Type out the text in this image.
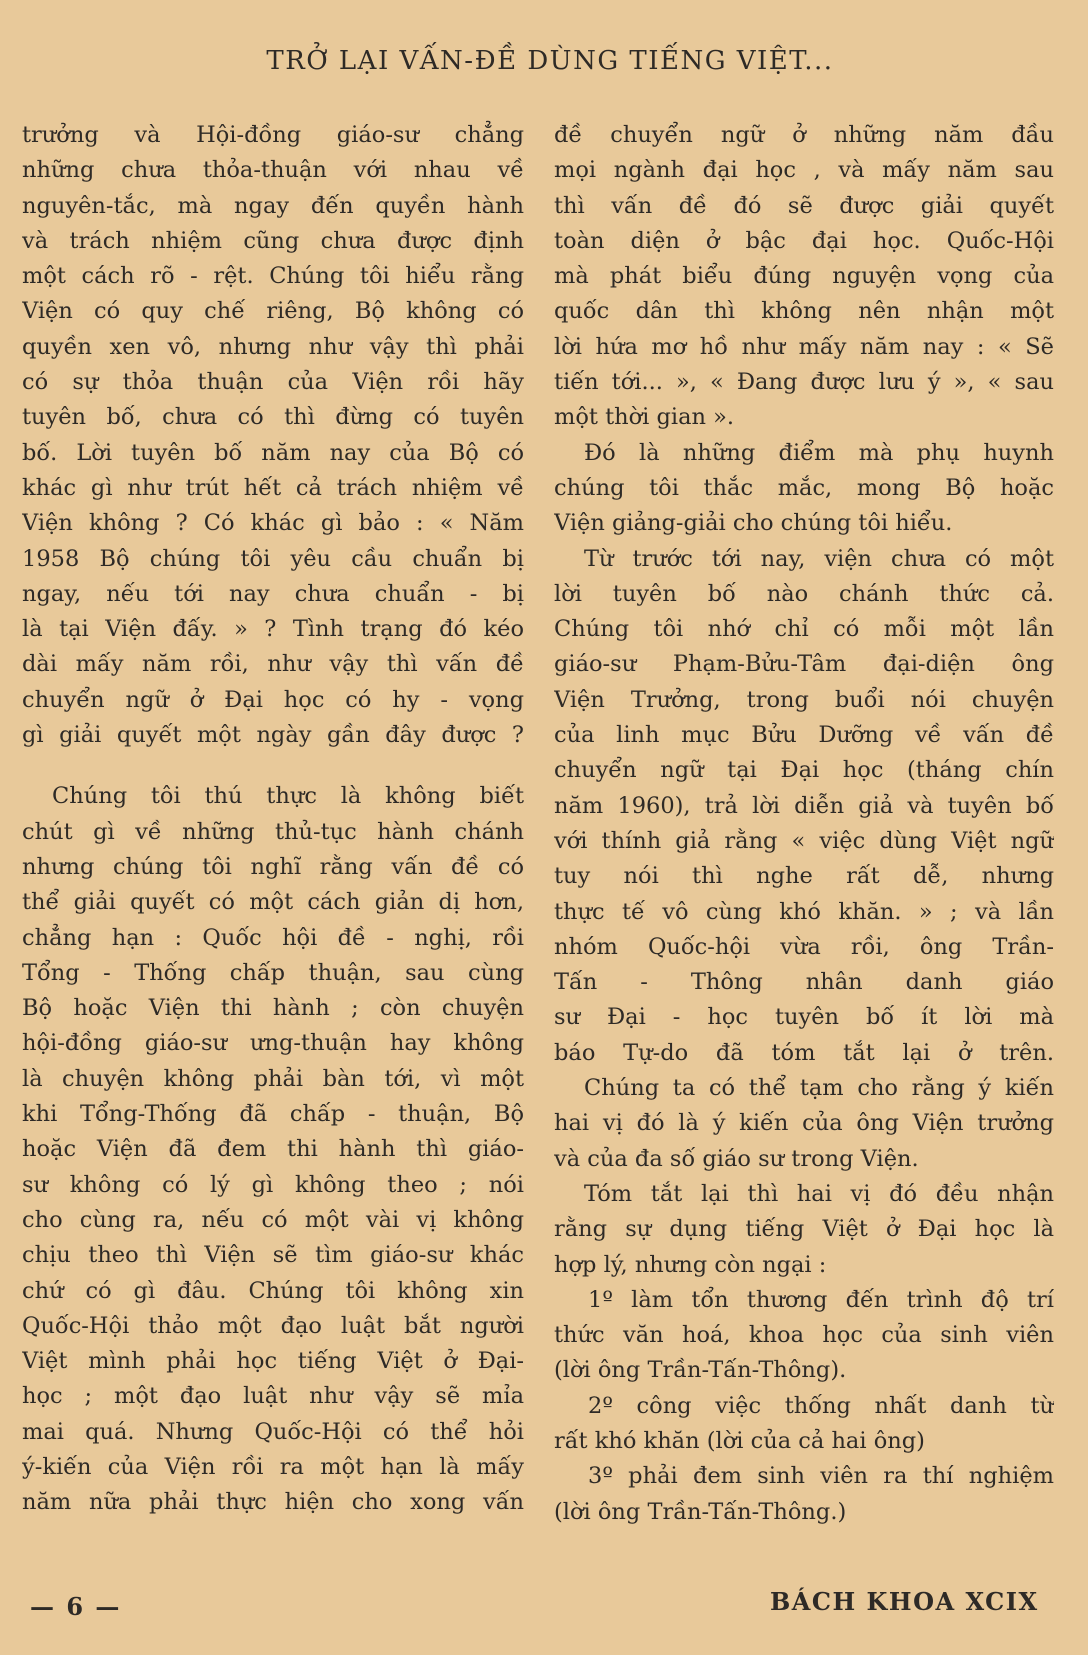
TRỞ LẠI VẤN-ĐỀ DÙNG TIẾNG VIỆT...
trưởng và Hội-đồng giáo-sư chẳng
những chưa thỏa-thuận với nhau về
nguyên-tắc, mà ngay đến quyền hành
và trách nhiệm cũng chưa được định
một cách rõ - rệt. Chúng tôi hiểu rằng
Viện có quy chế riêng, Bộ không có
quyền xen vô, nhưng như vậy thì phải
có sự thỏa thuận của Viện rồi hãy
tuyên bố, chưa có thì đừng có tuyên
bố. Lời tuyên bố năm nay của Bộ có
khác gì như trút hết cả trách nhiệm về
Viện không ? Có khác gì bảo : « Năm
1958 Bộ chúng tôi yêu cầu chuẩn bị
ngay, nếu tới nay chưa chuẩn - bị
là tại Viện đấy. » ? Tình trạng đó kéo
dài mấy năm rồi, như vậy thì vấn đề
chuyển ngữ ở Đại học có hy - vọng
gì giải quyết một ngày gần đây được ?
Chúng tôi thú thực là không biết
chút gì về những thủ-tục hành chánh
nhưng chúng tôi nghĩ rằng vấn đề có
thể giải quyết có một cách giản dị hơn,
chẳng hạn : Quốc hội đề - nghị, rồi
Tổng - Thống chấp thuận, sau cùng
Bộ hoặc Viện thi hành ; còn chuyện
hội-đồng giáo-sư ưng-thuận hay không
là chuyện không phải bàn tới, vì một
khi Tổng-Thống đã chấp - thuận, Bộ
hoặc Viện đã đem thi hành thì giáo-
sư không có lý gì không theo ; nói
cho cùng ra, nếu có một vài vị không
chịu theo thì Viện sẽ tìm giáo-sư khác
chứ có gì đâu. Chúng tôi không xin
Quốc-Hội thảo một đạo luật bắt người
Việt mình phải học tiếng Việt ở Đại-
học ; một đạo luật như vậy sẽ mỉa
mai quá. Nhưng Quốc-Hội có thể hỏi
ý-kiến của Viện rồi ra một hạn là mấy
năm nữa phải thực hiện cho xong vấn
đề chuyển ngữ ở những năm đầu
mọi ngành đại học , và mấy năm sau
thì vấn đề đó sẽ được giải quyết
toàn diện ở bậc đại học. Quốc-Hội
mà phát biểu đúng nguyện vọng của
quốc dân thì không nên nhận một
lời hứa mơ hồ như mấy năm nay : « Sẽ
tiến tới... », « Đang được lưu ý », « sau
một thời gian ».
Đó là những điểm mà phụ huynh
chúng tôi thắc mắc, mong Bộ hoặc
Viện giảng-giải cho chúng tôi hiểu.
Từ trước tới nay, viện chưa có một
lời tuyên bố nào chánh thức cả.
Chúng tôi nhớ chỉ có mỗi một lần
giáo-sư Phạm-Bửu-Tâm đại-diện ông
Viện Trưởng, trong buổi nói chuyện
của linh mục Bửu Dưỡng về vấn đề
chuyển ngữ tại Đại học (tháng chín
năm 1960), trả lời diễn giả và tuyên bố
với thính giả rằng « việc dùng Việt ngữ
tuy nói thì nghe rất dễ, nhưng
thực tế vô cùng khó khăn. » ; và lần
nhóm Quốc-hội vừa rồi, ông Trần-
Tấn - Thông nhân danh giáo
sư Đại - học tuyên bố ít lời mà
báo Tự-do đã tóm tắt lại ở trên.
Chúng ta có thể tạm cho rằng ý kiến
hai vị đó là ý kiến của ông Viện trưởng
và của đa số giáo sư trong Viện.
Tóm tắt lại thì hai vị đó đều nhận
rằng sự dụng tiếng Việt ở Đại học là
hợp lý, nhưng còn ngại :
1º làm tổn thương đến trình độ trí
thức văn hoá, khoa học của sinh viên
(lời ông Trần-Tấn-Thông).
2º công việc thống nhất danh từ
rất khó khăn (lời của cả hai ông)
3º phải đem sinh viên ra thí nghiệm
(lời ông Trần-Tấn-Thông.)
— 6 —	BÁCH KHOA XCIX
